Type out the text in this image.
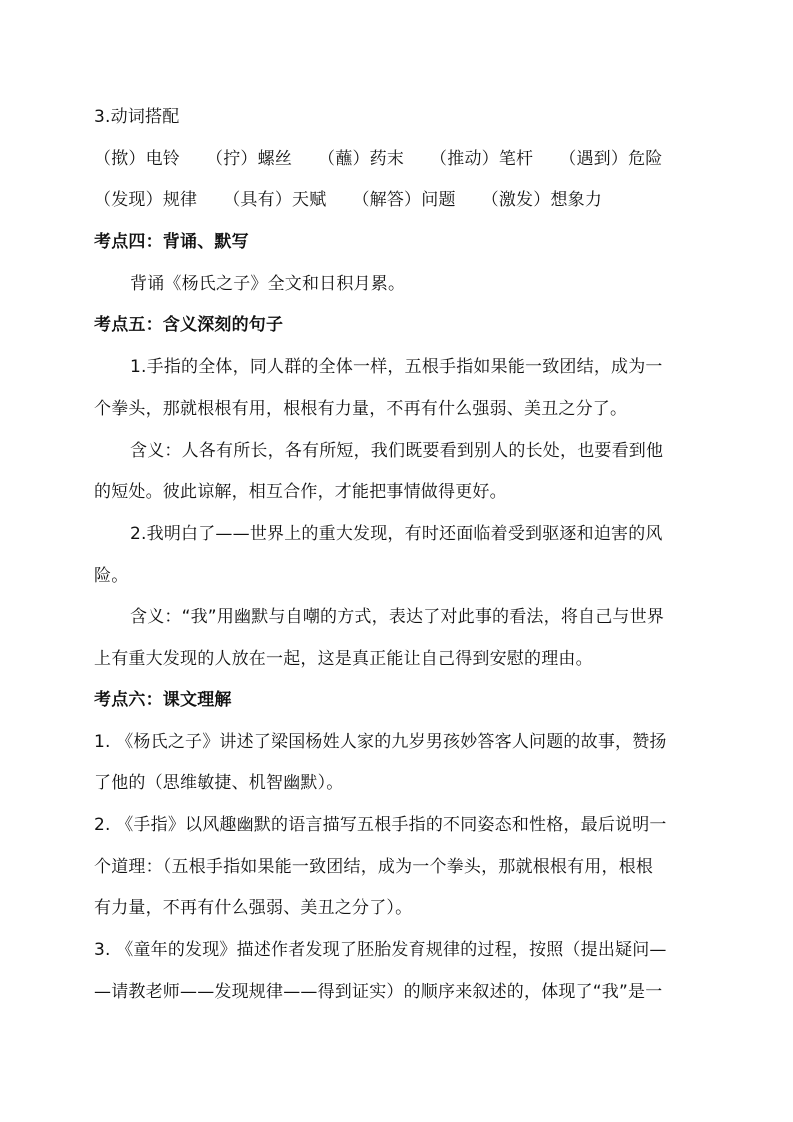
3.动词搭配
（ 揿 ） 电铃	（ 拧 ） 螺丝	（ 蘸 ） 药末	（ 推动 ） 笔杆	（ 遇到 ） 危险
（ 发现 ） 规律	（ 具有 ） 天赋	（ 解答 ） 问题	（ 激发 ） 想象力
考点四：背诵、默写
背诵《杨氏之子》全文和日积月累。
考点五：含义深刻的句子
1.手指的全体，同人群的全体一样，五根手指如果能一致团结，成为一
个拳头，那就根根有用，根根有力量，不再有什么强弱、美丑之分了。
含义：人各有所长，各有所短，我们既要看到别人的长处，也要看到他
的短处。彼此谅解，相互合作，才能把事情做得更好。
2.我明白了——世界上的重大发现，有时还面临着受到驱逐和迫害的风
险。
含义：“我”用幽默与自嘲的方式，表达了对此事的看法，将自己与世界
上有重大发现的人放在一起，这是真正能让自己得到安慰的理由。
考点六：课文理解
1. 《杨氏之子》讲述了梁国杨姓人家的九岁男孩妙答客人问题的故事，赞扬
了他的（思维敏捷、机智幽默）。
2. 《手指》以风趣幽默的语言描写五根手指的不同姿态和性格，最后说明一
个道理：（五根手指如果能一致团结，成为一个拳头，那就根根有用，根根
有力量，不再有什么强弱、美丑之分了）。
3. 《童年的发现》描述作者发现了胚胎发育规律的过程，按照（提出疑问—
—请教老师——发现规律——得到证实）的顺序来叙述的，体现了“我”是一
